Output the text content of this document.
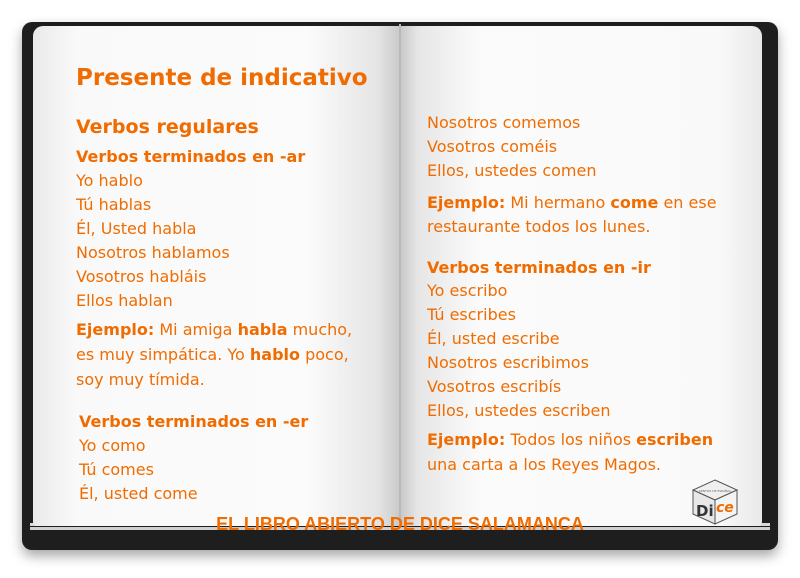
Presente de indicativo
Verbos regulares
Verbos terminados en -ar
Yo hablo
Tú hablas
Él, Usted habla
Nosotros hablamos
Vosotros habláis
Ellos hablan
Ejemplo: Mi amiga habla mucho,
es muy simpática. Yo hablo poco,
soy muy tímida.
Verbos terminados en -er
Yo como
Tú comes
Él, usted come
Nosotros comemos
Vosotros coméis
Ellos, ustedes comen
Ejemplo: Mi hermano come en ese
restaurante todos los lunes.
Verbos terminados en -ir
Yo escribo
Tú escribes
Él, usted escribe
Nosotros escribimos
Vosotros escribís
Ellos, ustedes escriben
Ejemplo: Todos los niños escriben
una carta a los Reyes Magos.
CENTRO DE ESPAÑOL
Di ce
EL LIBRO ABIERTO DE DICE SALAMANCA
